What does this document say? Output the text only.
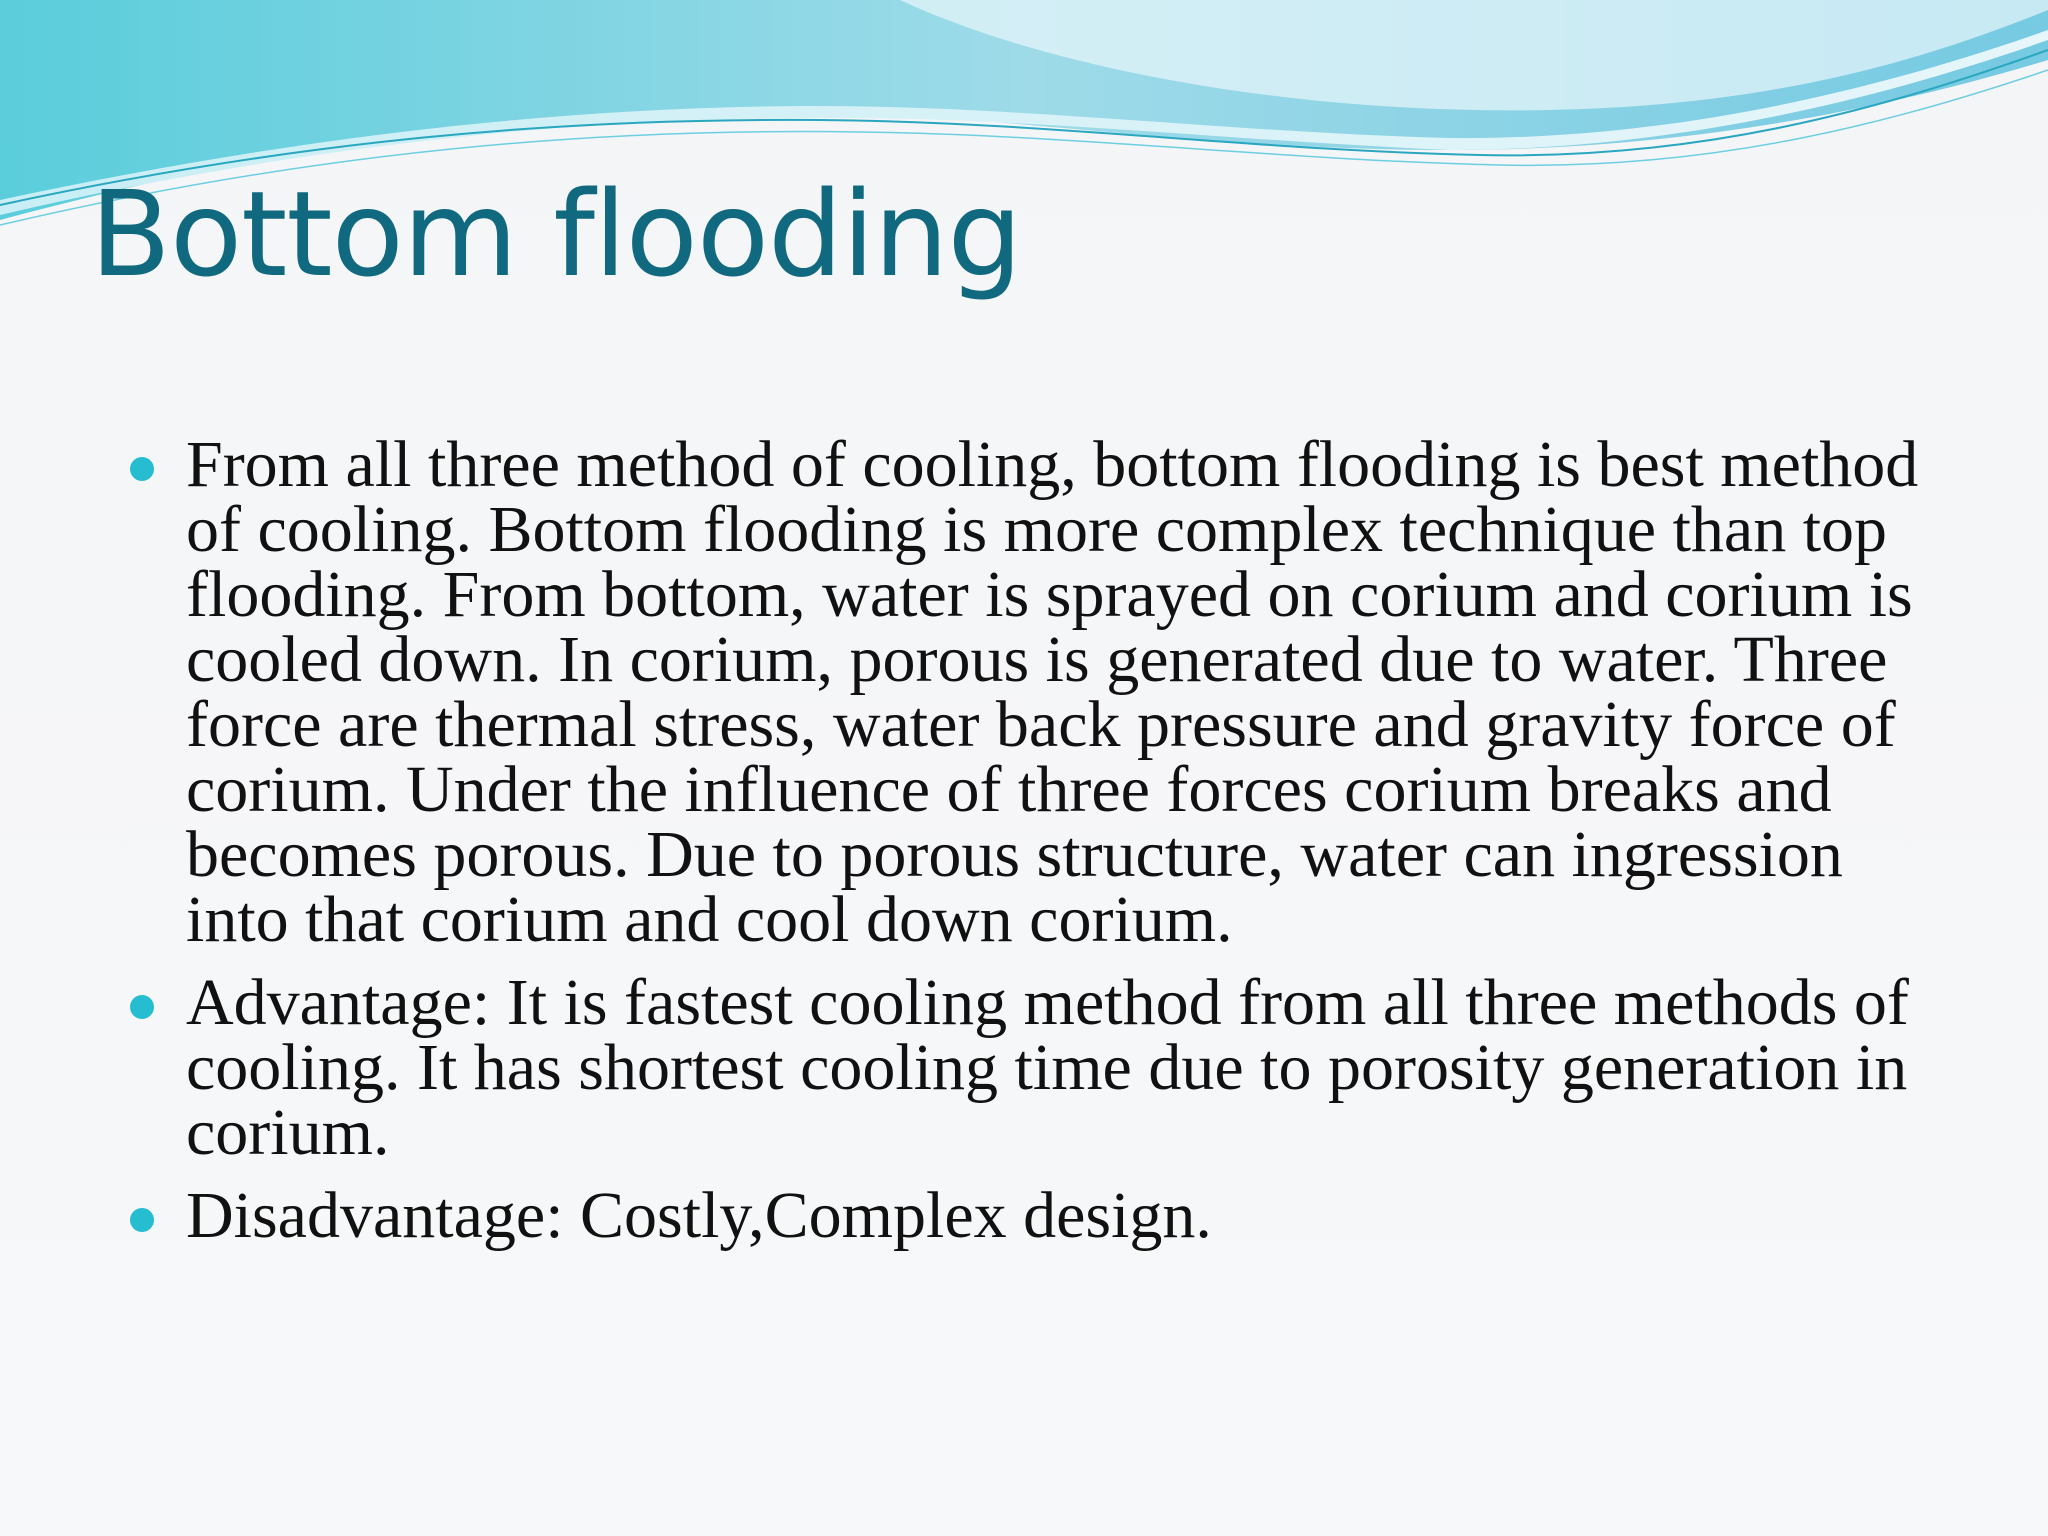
Bottom flooding
From all three method of cooling, bottom flooding is best method of cooling. Bottom flooding is more complex technique than top flooding. From bottom, water is sprayed on corium and corium is cooled down. In corium, porous is generated due to water. Three force are thermal stress, water back pressure and gravity force of corium. Under the influence of three forces corium breaks and becomes porous. Due to porous structure, water can ingression into that corium and cool down corium.
Advantage: It is fastest cooling method from all three methods of cooling. It has shortest cooling time due to porosity generation in corium.
Disadvantage: Costly,Complex design.
